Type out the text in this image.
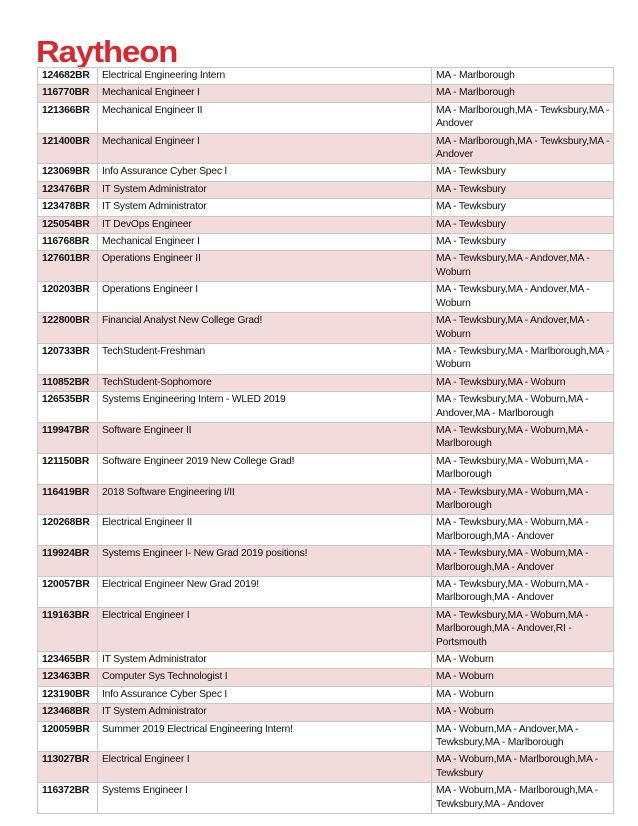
Raytheon
124682BR	Electrical Engineering Intern	MA - Marlborough
116770BR	Mechanical Engineer I	MA - Marlborough
121366BR	Mechanical Engineer II	MA - Marlborough,MA - Tewksbury,MA - Andover
121400BR	Mechanical Engineer I	MA - Marlborough,MA - Tewksbury,MA - Andover
123069BR	Info Assurance Cyber Spec I	MA - Tewksbury
123476BR	IT System Administrator	MA - Tewksbury
123478BR	IT System Administrator	MA - Tewksbury
125054BR	IT DevOps Engineer	MA - Tewksbury
116768BR	Mechanical Engineer I	MA - Tewksbury
127601BR	Operations Engineer II	MA - Tewksbury,MA - Andover,MA - Woburn
120203BR	Operations Engineer I	MA - Tewksbury,MA - Andover,MA - Woburn
122800BR	Financial Analyst New College Grad!	MA - Tewksbury,MA - Andover,MA - Woburn
120733BR	TechStudent-Freshman	MA - Tewksbury,MA - Marlborough,MA - Woburn
110852BR	TechStudent-Sophomore	MA - Tewksbury,MA - Woburn
126535BR	Systems Engineering Intern - WLED 2019	MA - Tewksbury,MA - Woburn,MA - Andover,MA - Marlborough
119947BR	Software Engineer II	MA - Tewksbury,MA - Woburn,MA - Marlborough
121150BR	Software Engineer 2019 New College Grad!	MA - Tewksbury,MA - Woburn,MA - Marlborough
116419BR	2018 Software Engineering I/II	MA - Tewksbury,MA - Woburn,MA - Marlborough
120268BR	Electrical Engineer II	MA - Tewksbury,MA - Woburn,MA - Marlborough,MA - Andover
119924BR	Systems Engineer I- New Grad 2019 positions!	MA - Tewksbury,MA - Woburn,MA - Marlborough,MA - Andover
120057BR	Electrical Engineer New Grad 2019!	MA - Tewksbury,MA - Woburn,MA - Marlborough,MA - Andover
119163BR	Electrical Engineer I	MA - Tewksbury,MA - Woburn,MA - Marlborough,MA - Andover,RI - Portsmouth
123465BR	IT System Administrator	MA - Woburn
123463BR	Computer Sys Technologist I	MA - Woburn
123190BR	Info Assurance Cyber Spec I	MA - Woburn
123468BR	IT System Administrator	MA - Woburn
120059BR	Summer 2019 Electrical Engineering Intern!	MA - Woburn,MA - Andover,MA - Tewksbury,MA - Marlborough
113027BR	Electrical Engineer I	MA - Woburn,MA - Marlborough,MA - Tewksbury
116372BR	Systems Engineer I	MA - Woburn,MA - Marlborough,MA - Tewksbury,MA - Andover
